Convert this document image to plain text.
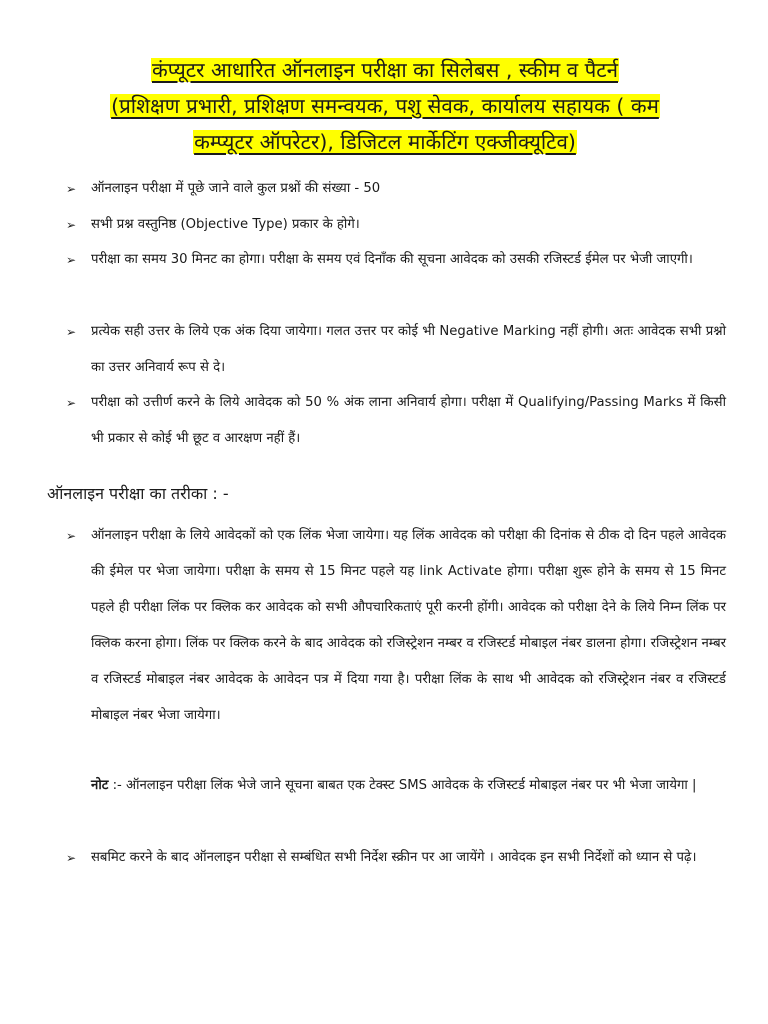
कंप्यूटर आधारित ऑनलाइन परीक्षा का सिलेबस , स्कीम व पैटर्न
(प्रशिक्षण प्रभारी, प्रशिक्षण समन्वयक, पशु सेवक, कार्यालय सहायक ( कम
कम्प्यूटर ऑपरेटर), डिजिटल मार्केटिंग एक्जीक्यूटिव)
➢ ऑनलाइन परीक्षा में पूछे जाने वाले कुल प्रश्नों की संख्या - 50
➢ सभी प्रश्न वस्तुनिष्ठ (Objective Type) प्रकार के होगे।
➢ परीक्षा का समय 30 मिनट का होगा। परीक्षा के समय एवं दिनाँक की सूचना आवेदक को उसकी रजिस्टर्ड ईमेल पर भेजी जाएगी।
➢ प्रत्येक सही उत्तर के लिये एक अंक दिया जायेगा। गलत उत्तर पर कोई भी Negative Marking नहीं होगी। अतः आवेदक सभी प्रश्नो का उत्तर अनिवार्य रूप से दे।
➢ परीक्षा को उत्तीर्ण करने के लिये आवेदक को 50 % अंक लाना अनिवार्य होगा। परीक्षा में Qualifying/Passing Marks में किसी भी प्रकार से कोई भी छूट व आरक्षण नहीं हैं।
ऑनलाइन परीक्षा का तरीका : -
➢ ऑनलाइन परीक्षा के लिये आवेदकों को एक लिंक भेजा जायेगा। यह लिंक आवेदक को परीक्षा की दिनांक से ठीक दो दिन पहले आवेदक की ईमेल पर भेजा जायेगा। परीक्षा के समय से 15 मिनट पहले यह link Activate होगा। परीक्षा शुरू होने के समय से 15 मिनट पहले ही परीक्षा लिंक पर क्लिक कर आवेदक को सभी औपचारिकताएं पूरी करनी होंगी। आवेदक को परीक्षा देने के लिये निम्न लिंक पर क्लिक करना होगा। लिंक पर क्लिक करने के बाद आवेदक को रजिस्ट्रेशन नम्बर व रजिस्टर्ड मोबाइल नंबर डालना होगा। रजिस्ट्रेशन नम्बर व रजिस्टर्ड मोबाइल नंबर आवेदक के आवेदन पत्र में दिया गया है। परीक्षा लिंक के साथ भी आवेदक को रजिस्ट्रेशन नंबर व रजिस्टर्ड मोबाइल नंबर भेजा जायेगा।
नोट :- ऑनलाइन परीक्षा लिंक भेजे जाने सूचना बाबत एक टेक्स्ट SMS आवेदक के रजिस्टर्ड मोबाइल नंबर पर भी भेजा जायेगा |
➢ सबमिट करने के बाद ऑनलाइन परीक्षा से सम्बंधित सभी निर्देश स्क्रीन पर आ जायेंगे । आवेदक इन सभी निर्देशों को ध्यान से पढ़े।
